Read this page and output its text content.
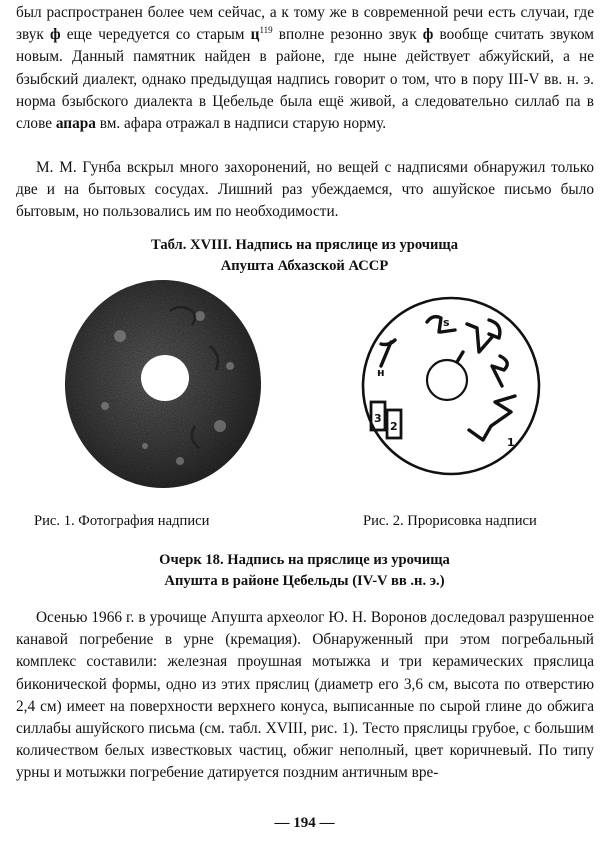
был распространен более чем сейчас, а к тому же в современной речи есть случаи, где звук ф еще чередуется со старым $ц^{119}$ вполне резонно звук ф вообще считать звуком новым. Данный памятник найден в районе, где ныне действует абжуйский, а не бзыбский диалект, однако предыдущая надпись говорит о том, что в пору III-V вв. н. э. норма бзыбского диалекта в Цебельде была ещё живой, а следовательно силлаб па в слове апара вм. афара отражал в надписи старую норму.

М. М. Гунба вскрыл много захоронений, но вещей с надписями обнаружил только две и на бытовых сосудах. Лишний раз убеждаемся, что ашуйское письмо было бытовым, но пользовались им по необходимости.

Табл. XVIII. Надпись на пряслице из урочища
Апушта Абхазской АССР
s
н
3
2
1
Рис. 1. Фотография надписи	Рис. 2. Прорисовка надписи
Очерк 18. Надпись на пряслице из урочища
Апушта в районе Цебельды (IV-V вв .н. э.)

Осенью 1966 г. в урочище Апушта археолог Ю. Н. Воронов доследовал разрушенное канавой погребение в урне (кремация). Обнаруженный при этом погребальный комплекс составили: железная проушная мотыжка и три керамических пряслица биконической формы, одно из этих пряслиц (диаметр его 3,6 см, высота по отверстию 2,4 см) имеет на поверхности верхнего конуса, выписанные по сырой глине до обжига силлабы ашуйского письма (см. табл. XVIII, рис. 1). Тесто пряслицы грубое, с большим количеством белых известковых частиц, обжиг неполный, цвет коричневый. По типу урны и мотыжки погребение датируется поздним античным вре-

— 194 —
